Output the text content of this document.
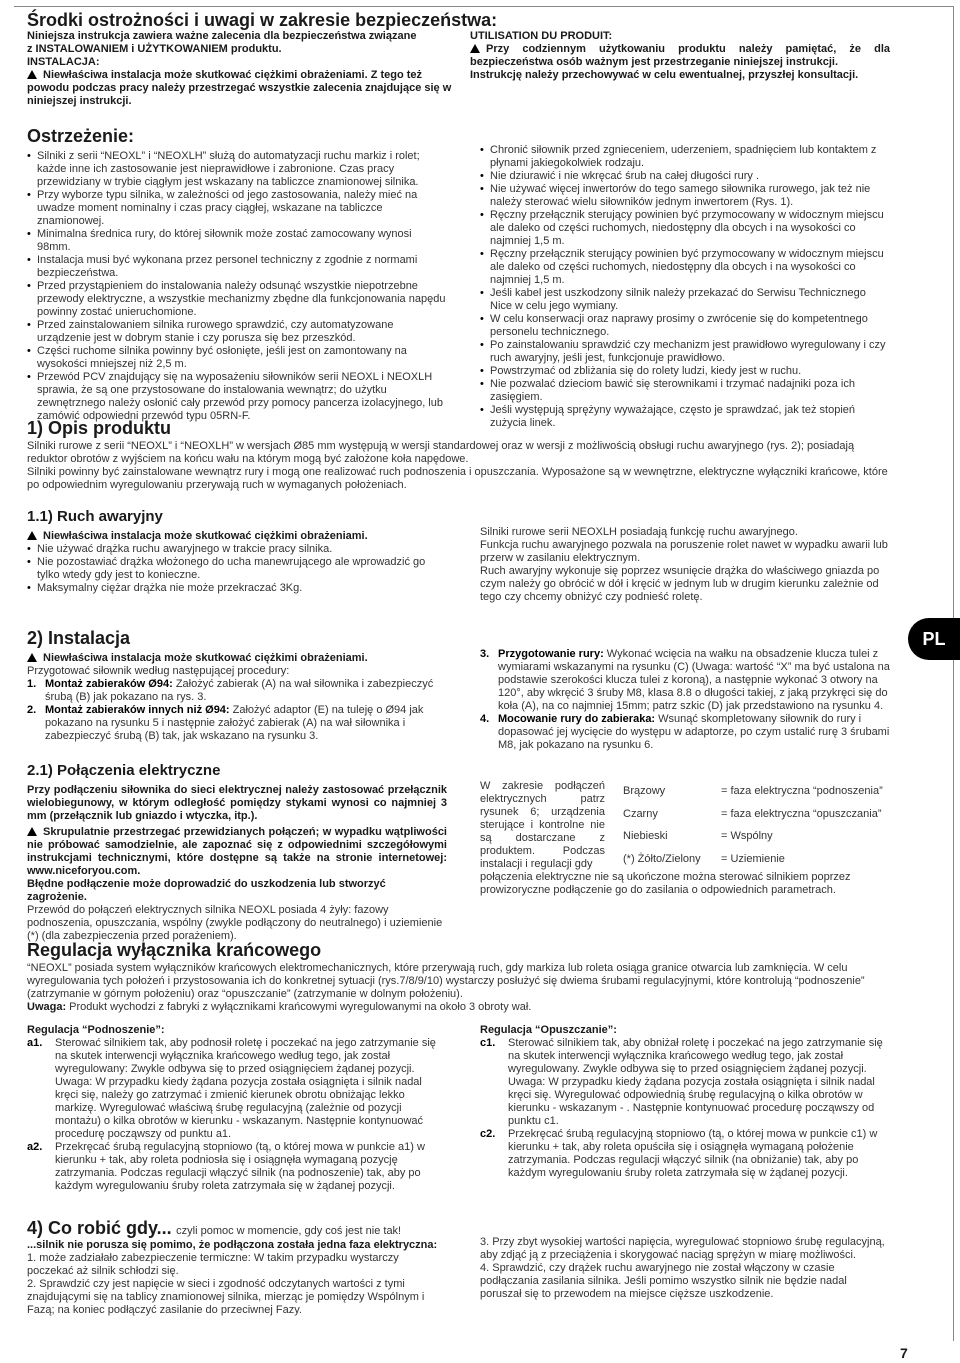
Środki ostrożności i uwagi w zakresie bezpieczeństwa:
Niniejsza instrukcja zawiera ważne zalecenia dla bezpieczeństwa związane
z INSTALOWANIEM i UŻYTKOWANIEM produktu.
INSTALACJA:
Niewłaściwa instalacja może skutkować ciężkimi obrażeniami. Z tego też powodu podczas pracy należy przestrzegać wszystkie zalecenia znajdujące się w niniejszej instrukcji.
UTILISATION DU PRODUIT:
Przy codziennym użytkowaniu produktu należy pamiętać, że dla bezpieczeństwa osób ważnym jest przestrzeganie niniejszej instrukcji.
Instrukcję należy przechowywać w celu ewentualnej, przyszłej konsultacji.
Ostrzeżenie:
• Silniki z serii “NEOXL” i “NEOXLH” służą do automatyzacji ruchu markiz i rolet; każde inne ich zastosowanie jest nieprawidłowe i zabronione. Czas pracy przewidziany w trybie ciągłym jest wskazany na tabliczce znamionowej silnika.
• Przy wyborze typu silnika, w zależności od jego zastosowania, należy mieć na uwadze moment nominalny i czas pracy ciągłej, wskazane na tabliczce znamionowej.
• Minimalna średnica rury, do której siłownik może zostać zamocowany wynosi 98mm.
• Instalacja musi być wykonana przez personel techniczny z zgodnie z normami bezpieczeństwa.
• Przed przystąpieniem do instalowania należy odsunąć wszystkie niepotrzebne przewody elektryczne, a wszystkie mechanizmy zbędne dla funkcjonowania napędu powinny zostać unieruchomione.
• Przed zainstalowaniem silnika rurowego sprawdzić, czy automatyzowane urządzenie jest w dobrym stanie i czy porusza się bez przeszkód.
• Części ruchome silnika powinny być osłonięte, jeśli jest on zamontowany na wysokości mniejszej niż 2,5 m.
• Przewód PCV znajdujący się na wyposażeniu siłowników serii NEOXL i NEOXLH sprawia, że są one przystosowane do instalowania wewnątrz; do użytku zewnętrznego należy osłonić cały przewód przy pomocy pancerza izolacyjnego, lub zamówić odpowiedni przewód typu 05RN-F.
• Chronić siłownik przed zgnieceniem, uderzeniem, spadnięciem lub kontaktem z płynami jakiegokolwiek rodzaju.
• Nie dziurawić i nie wkręcać śrub na całej długości rury .
• Nie używać więcej inwertorów do tego samego siłownika rurowego, jak też nie należy sterować wielu siłowników jednym inwertorem (Rys. 1).
• Ręczny przełącznik sterujący powinien być przymocowany w widocznym miejscu ale daleko od części ruchomych, niedostępny dla obcych i na wysokości co najmniej 1,5 m.
• Ręczny przełącznik sterujący powinien być przymocowany w widocznym miejscu ale daleko od części ruchomych, niedostępny dla obcych i na wysokości co najmniej 1,5 m.
• Jeśli kabel jest uszkodzony silnik należy przekazać do Serwisu Technicznego Nice w celu jego wymiany.
• W celu konserwacji oraz naprawy prosimy o zwrócenie się do kompetentnego personelu technicznego.
• Po zainstalowaniu sprawdzić czy mechanizm jest prawidłowo wyregulowany i czy ruch awaryjny, jeśli jest, funkcjonuje prawidłowo.
• Powstrzymać od zbliżania się do rolety ludzi, kiedy jest w ruchu.
• Nie pozwalać dzieciom bawić się sterownikami i trzymać nadajniki poza ich zasięgiem.
• Jeśli występują sprężyny wyważające, często je sprawdzać, jak też stopień zużycia linek.
1) Opis produktu
Silniki rurowe z serii “NEOXL” i “NEOXLH” w wersjach Ø85 mm występują w wersji standardowej oraz w wersji z możliwością obsługi ruchu awaryjnego (rys. 2); posiadają reduktor obrotów z wyjściem na końcu wału na którym mogą być założone koła napędowe.
Silniki powinny być zainstalowane wewnątrz rury i mogą one realizować ruch podnoszenia i opuszczania. Wyposażone są w wewnętrzne, elektryczne wyłączniki krańcowe, które po odpowiednim wyregulowaniu przerywają ruch w wymaganych położeniach.
1.1) Ruch awaryjny
Niewłaściwa instalacja może skutkować ciężkimi obrażeniami.
• Nie używać drążka ruchu awaryjnego w trakcie pracy silnika.
• Nie pozostawiać drążka włożonego do ucha manewrującego ale wprowadzić go tylko wtedy gdy jest to konieczne.
• Maksymalny ciężar drążka nie może przekraczać 3Kg.
Silniki rurowe serii NEOXLH posiadają funkcję ruchu awaryjnego.
Funkcja ruchu awaryjnego pozwala na poruszenie rolet nawet w wypadku awarii lub przerw w zasilaniu elektrycznym.
Ruch awaryjny wykonuje się poprzez wsunięcie drążka do właściwego gniazda po czym należy go obrócić w dół i kręcić w jednym lub w drugim kierunku zależnie od tego czy chcemy obniżyć czy podnieść roletę.
PL
2) Instalacja
Niewłaściwa instalacja może skutkować ciężkimi obrażeniami.
Przygotować siłownik według następującej procedury:
1. Montaż zabieraków Ø94: Założyć zabierak (A) na wał siłownika i zabezpieczyć śrubą (B) jak pokazano na rys. 3.
2. Montaż zabieraków innych niż Ø94: Założyć adaptor (E) na tuleję o Ø94 jak pokazano na rysunku 5 i następnie założyć zabierak (A) na wał siłownika i zabezpieczyć śrubą (B) tak, jak wskazano na rysunku 3.
3. Przygotowanie rury: Wykonać wcięcia na wałku na obsadzenie klucza tulei z wymiarami wskazanymi na rysunku (C) (Uwaga: wartość “X” ma być ustalona na podstawie szerokości klucza tulei z koroną), a następnie wykonać 3 otwory na 120°, aby wkręcić 3 śruby M8, klasa 8.8 o długości takiej, z jaką przykręci się do koła (A), na co najmniej 15mm; patrz szkic (D) jak przedstawiono na rysunku 4.
4. Mocowanie rury do zabieraka: Wsunąć skompletowany siłownik do rury i dopasować jej wycięcie do występu w adaptorze, po czym ustalić rurę 3 śrubami M8, jak pokazano na rysunku 6.
2.1) Połączenia elektryczne
Przy podłączeniu siłownika do sieci elektrycznej należy zastosować przełącznik wielobiegunowy, w którym odległość pomiędzy stykami wynosi co najmniej 3 mm (przełącznik lub gniazdo i wtyczka, itp.).
Skrupulatnie przestrzegać przewidzianych połączeń; w wypadku wątpliwości nie próbować samodzielnie, ale zapoznać się z odpowiednimi szczegółowymi instrukcjami technicznymi, które dostępne są także na stronie internetowej: www.niceforyou.com.
Błędne podłączenie może doprowadzić do uszkodzenia lub stworzyć zagrożenie.
Przewód do połączeń elektrycznych silnika NEOXL posiada 4 żyły: fazowy podnoszenia, opuszczania, wspólny (zwykle podłączony do neutralnego) i uziemienie (*) (dla zabezpieczenia przed porażeniem).
W zakresie podłączeń elektrycznych patrz rysunek 6; urządzenia sterujące i kontrolne nie są dostarczane z produktem. Podczas instalacji i regulacji gdy
Brązowy	= faza elektryczna “podnoszenia”
Czarny	= faza elektryczna “opuszczania”
Niebieski	= Wspólny
(*) Żółto/Zielony	= Uziemienie
połączenia elektryczne nie są ukończone można sterować silnikiem poprzez prowizoryczne podłączenie go do zasilania o odpowiednich parametrach.
Regulacja wyłącznika krańcowego
“NEOXL” posiada system wyłączników krańcowych elektromechanicznych, które przerywają ruch, gdy markiza lub roleta osiąga granice otwarcia lub zamknięcia. W celu wyregulowania tych położeń i przystosowania ich do konkretnej sytuacji (rys.7/8/9/10) wystarczy posłużyć się dwiema śrubami regulacyjnymi, które kontrolują “podnoszenie” (zatrzymanie w górnym położeniu) oraz “opuszczanie” (zatrzymanie w dolnym położeniu).
Uwaga: Produkt wychodzi z fabryki z wyłącznikami krańcowymi wyregulowanymi na około 3 obroty wał.
Regulacja “Podnoszenie”:
a1.	Sterować silnikiem tak, aby podnosił roletę i poczekać na jego zatrzymanie się na skutek interwencji wyłącznika krańcowego według tego, jak został wyregulowany: Zwykle odbywa się to przed osiągnięciem żądanej pozycji. Uwaga: W przypadku kiedy żądana pozycja została osiągnięta i silnik nadal kręci się, należy go zatrzymać i zmienić kierunek obrotu obniżając lekko markizę. Wyregulować właściwą śrubę regulacyjną (zależnie od pozycji montażu) o kilka obrotów w kierunku - wskazanym. Następnie kontynuować procedurę począwszy od punktu a1.
a2.	Przekręcać śrubą regulacyjną stopniowo (tą, o której mowa w punkcie a1) w kierunku + tak, aby roleta podniosła się i osiągnęła wymaganą pozycję zatrzymania. Podczas regulacji włączyć silnik (na podnoszenie) tak, aby po każdym wyregulowaniu śruby roleta zatrzymała się w żądanej pozycji.
Regulacja “Opuszczanie”:
c1.	Sterować silnikiem tak, aby obniżał roletę i poczekać na jego zatrzymanie się na skutek interwencji wyłącznika krańcowego według tego, jak został wyregulowany. Zwykle odbywa się to przed osiągnięciem żądanej pozycji. Uwaga: W przypadku kiedy żądana pozycja została osiągnięta i silnik nadal kręci się. Wyregulować odpowiednią śrubę regulacyjną o kilka obrotów w kierunku - wskazanym - . Następnie kontynuować procedurę począwszy od punktu c1.
c2.	Przekręcać śrubą regulacyjną stopniowo (tą, o której mowa w punkcie c1) w kierunku + tak, aby roleta opuściła się i osiągnęła wymaganą położenie zatrzymania. Podczas regulacji włączyć silnik (na obniżanie) tak, aby po każdym wyregulowaniu śruby roleta zatrzymała się w żądanej pozycji.
4) Co robić gdy... czyli pomoc w momencie, gdy coś jest nie tak!
...silnik nie porusza się pomimo, że podłączona została jedna faza elektryczna:
1. może zadziałało zabezpieczenie termiczne: W takim przypadku wystarczy poczekać aż silnik schłodzi się.
2. Sprawdzić czy jest napięcie w sieci i zgodność odczytanych wartości z tymi znajdującymi się na tablicy znamionowej silnika, mierząc je pomiędzy Wspólnym i Fazą; na koniec podłączyć zasilanie do przeciwnej Fazy.
3. Przy zbyt wysokiej wartości napięcia, wyregulować stopniowo śrubę regulacyjną, aby zdjąć ją z przeciążenia i skorygować naciąg sprężyn w miarę możliwości.
4. Sprawdzić, czy drążek ruchu awaryjnego nie został włączony w czasie podłączania zasilania silnika. Jeśli pomimo wszystko silnik nie będzie nadal poruszał się to przewodem na miejsce cięższe uszkodzenie.
7
